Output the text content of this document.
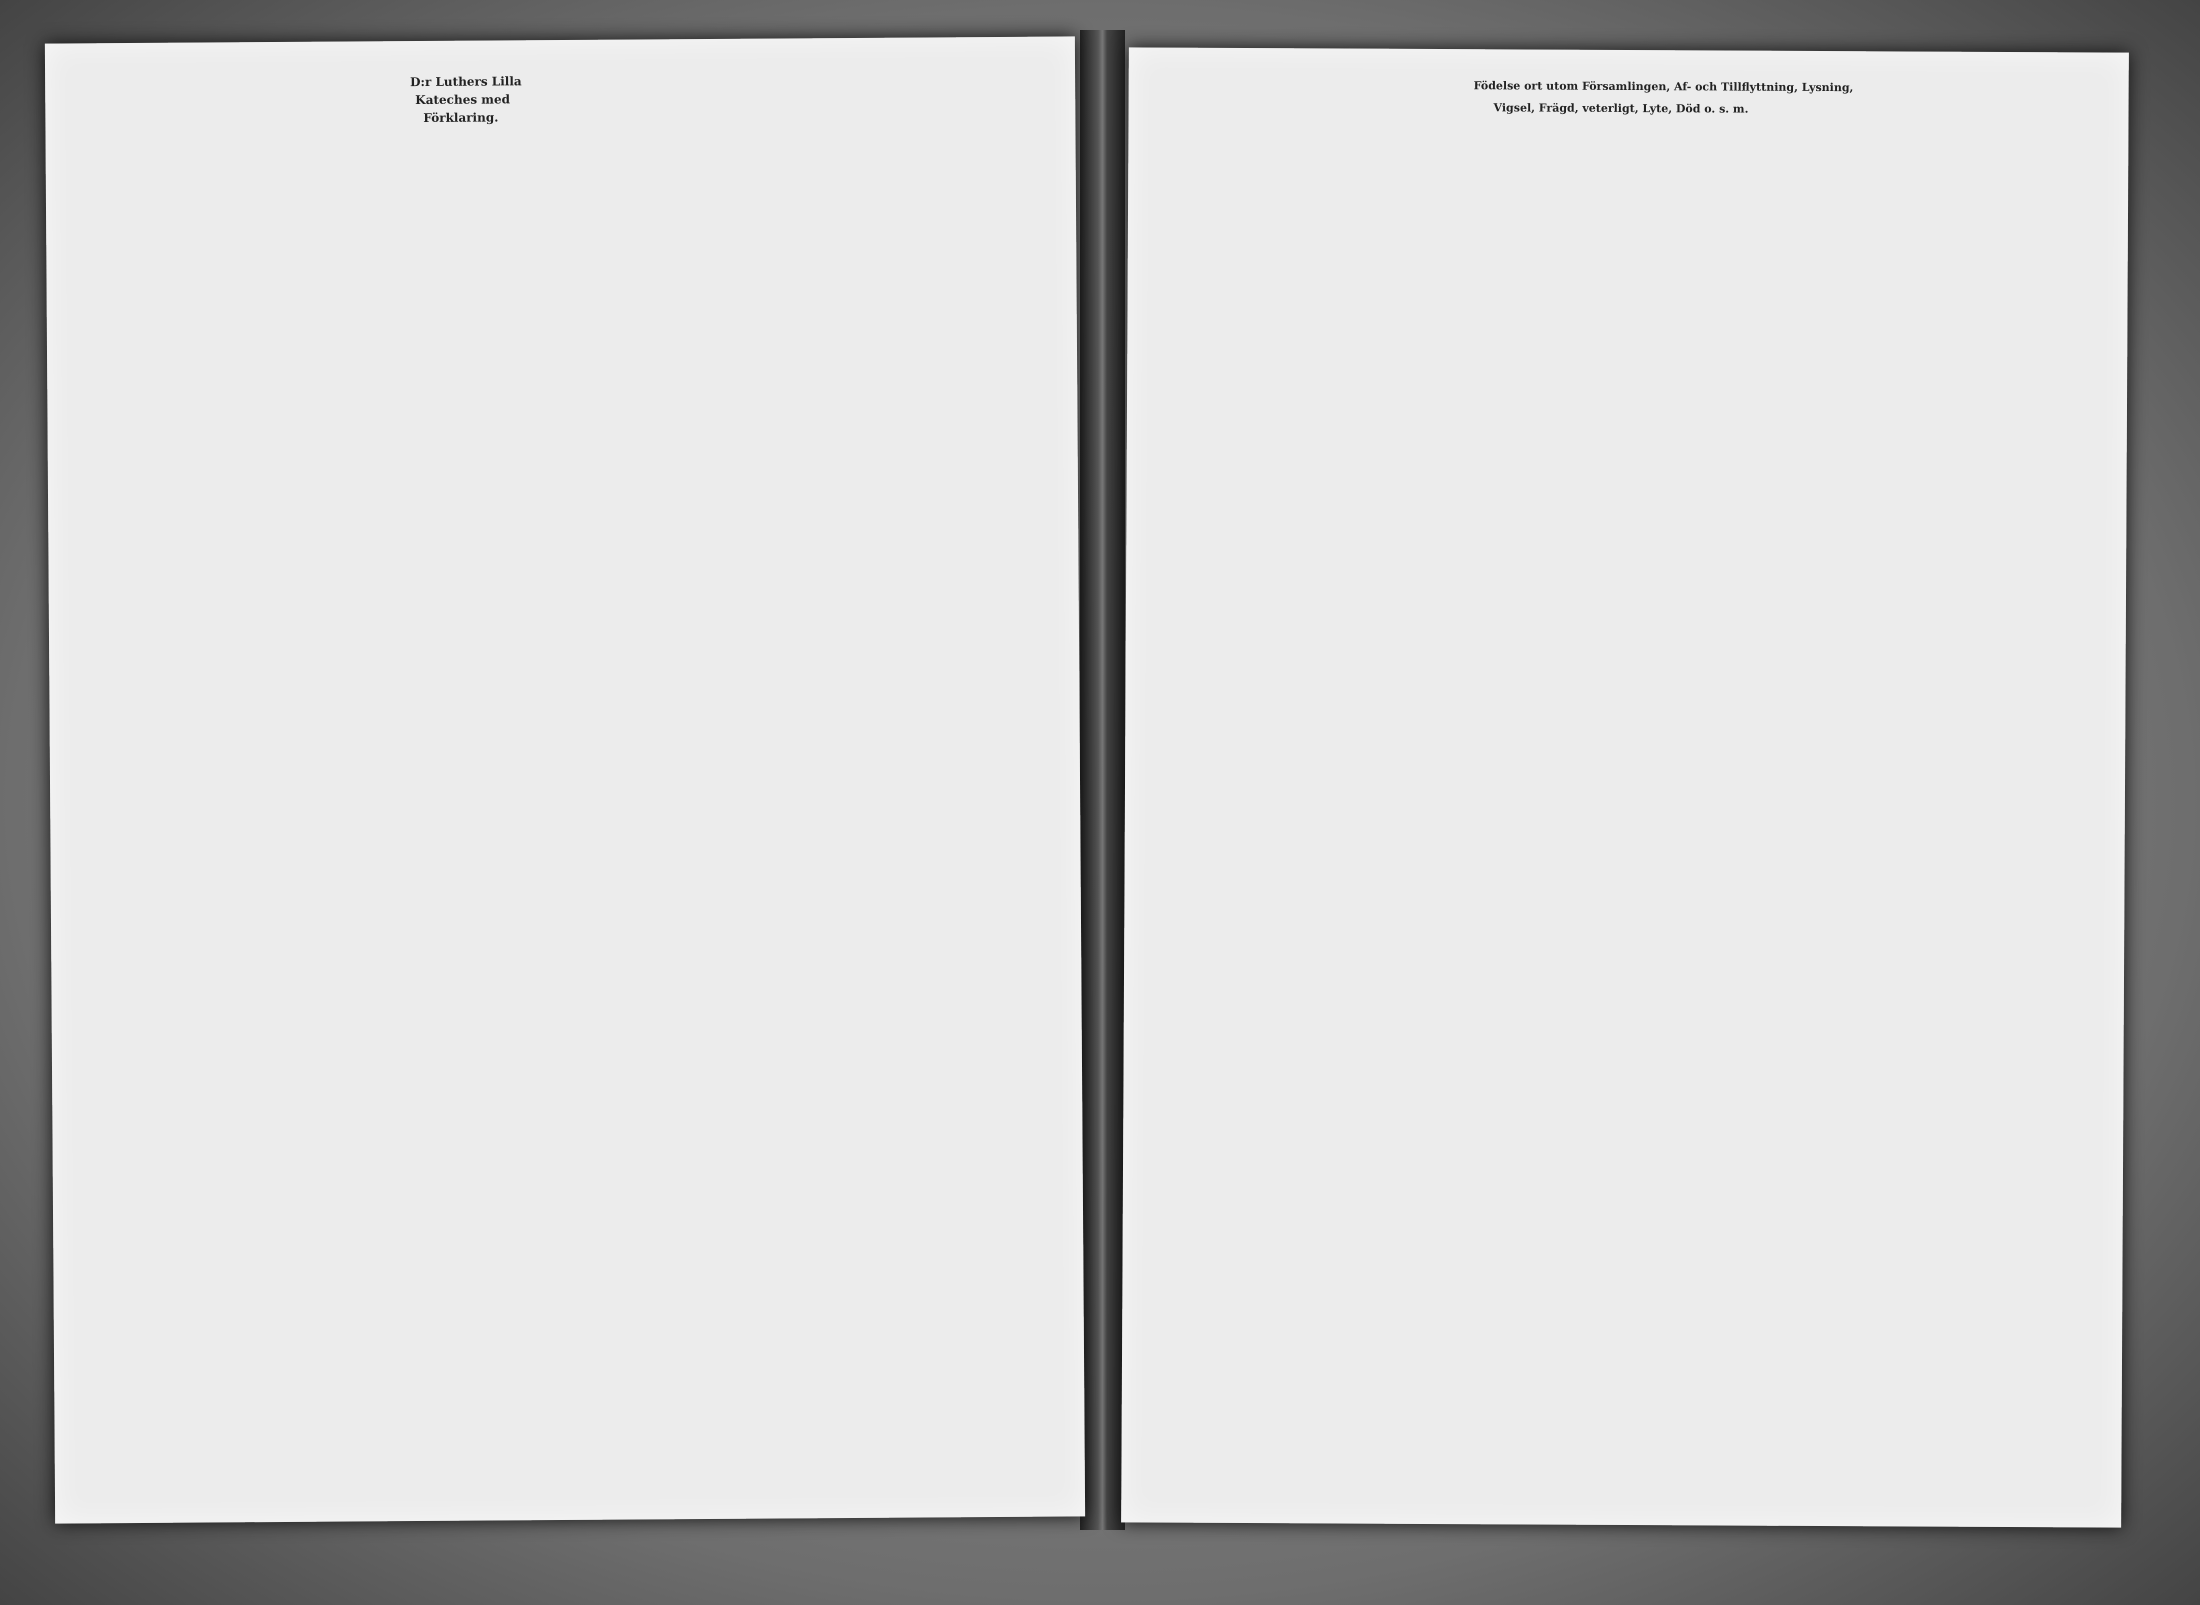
D:r Luthers Lilla
Kateches med
Förklaring.
Födelse ort utom Församlingen, Af- och Tillflyttning, Lysning,
Vigsel, Frägd, veterligt, Lyte, Död o. s. m.
